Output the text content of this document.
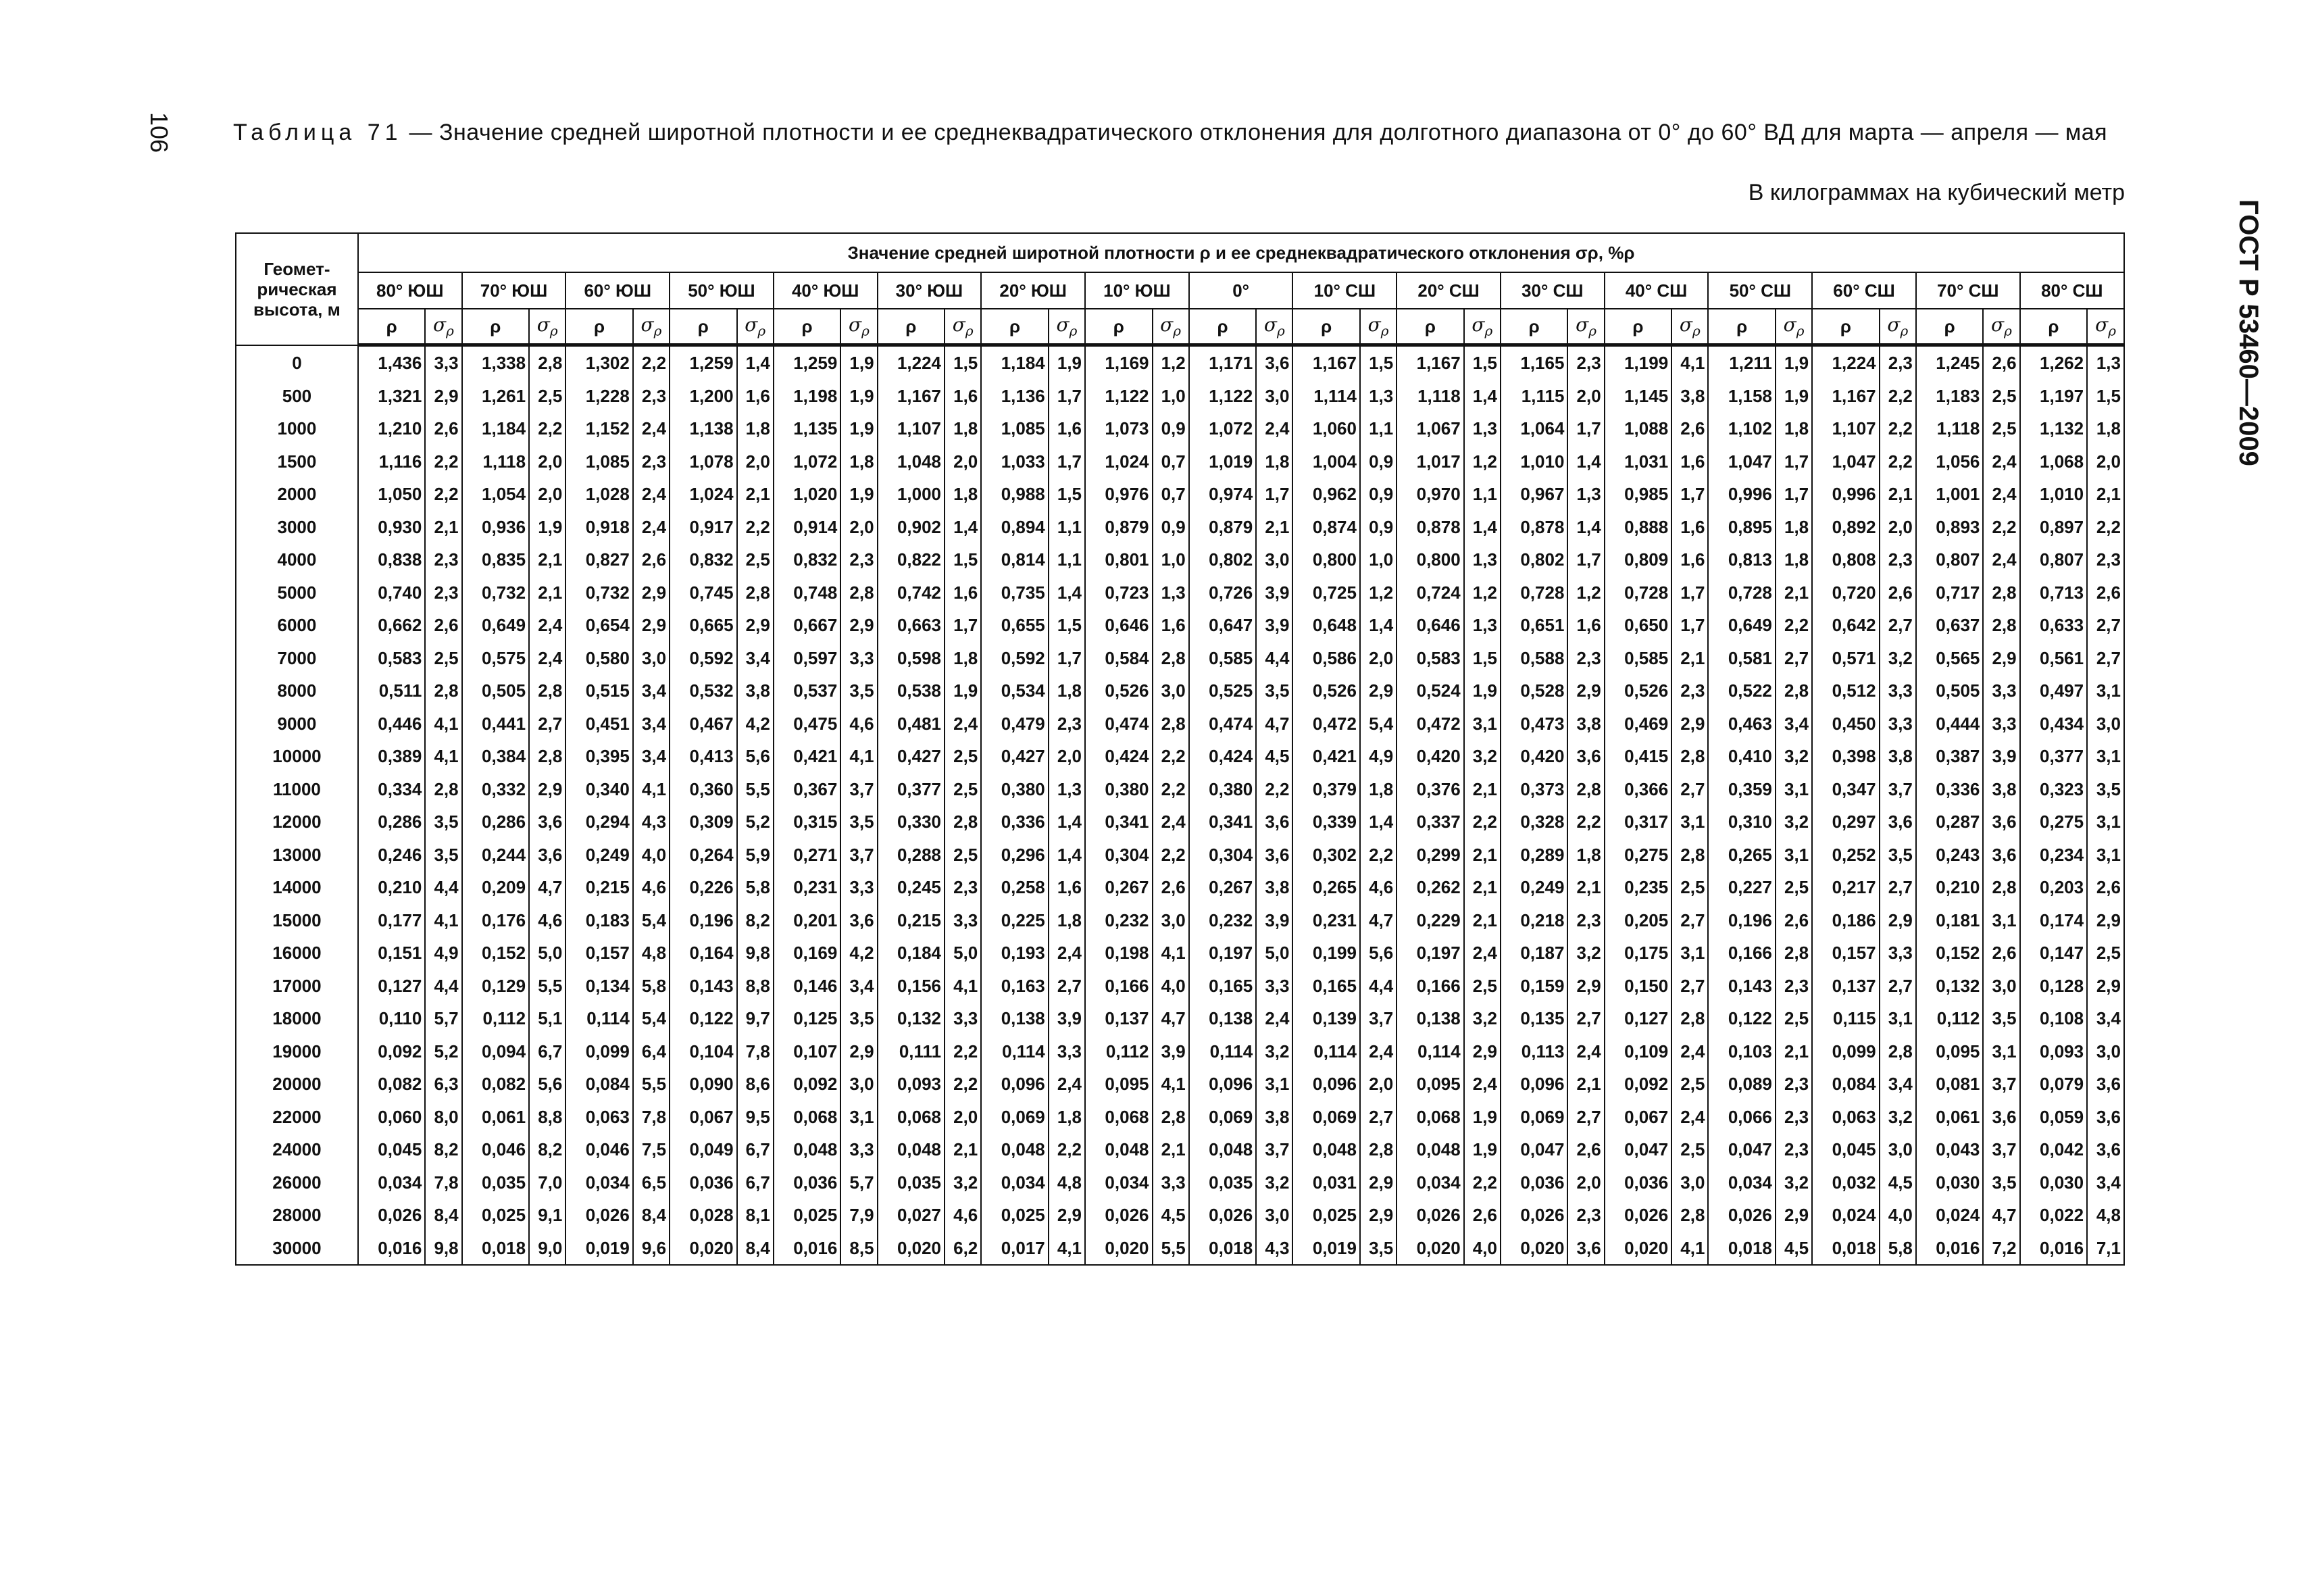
106
ГОСТ Р 53460—2009
Таблица 71 — Значение средней широтной плотности и ее среднеквадратического отклонения для долготного диапазона от 0° до 60° ВД для марта — апреля — мая
В килограммах на кубический метр
Геомет-рическая высота, м	Значение средней широтной плотности ρ и ее среднеквадратического отклонения σρ, %ρ																																	
	80° ЮШ		70° ЮШ		60° ЮШ		50° ЮШ		40° ЮШ		30° ЮШ		20° ЮШ		10° ЮШ		0°		10° СШ		20° СШ		30° СШ		40° СШ		50° СШ		60° СШ		70° СШ		80° СШ	
	ρ	$\sigma_\rho$	ρ	$\sigma_\rho$	ρ	$\sigma_\rho$	ρ	$\sigma_\rho$	ρ	$\sigma_\rho$	ρ	$\sigma_\rho$	ρ	$\sigma_\rho$	ρ	$\sigma_\rho$	ρ	$\sigma_\rho$	ρ	$\sigma_\rho$	ρ	$\sigma_\rho$	ρ	$\sigma_\rho$	ρ	$\sigma_\rho$	ρ	$\sigma_\rho$	ρ	$\sigma_\rho$	ρ	$\sigma_\rho$	ρ	$\sigma_\rho$
0	1,436	3,3	1,338	2,8	1,302	2,2	1,259	1,4	1,259	1,9	1,224	1,5	1,184	1,9	1,169	1,2	1,171	3,6	1,167	1,5	1,167	1,5	1,165	2,3	1,199	4,1	1,211	1,9	1,224	2,3	1,245	2,6	1,262	1,3
500	1,321	2,9	1,261	2,5	1,228	2,3	1,200	1,6	1,198	1,9	1,167	1,6	1,136	1,7	1,122	1,0	1,122	3,0	1,114	1,3	1,118	1,4	1,115	2,0	1,145	3,8	1,158	1,9	1,167	2,2	1,183	2,5	1,197	1,5
1000	1,210	2,6	1,184	2,2	1,152	2,4	1,138	1,8	1,135	1,9	1,107	1,8	1,085	1,6	1,073	0,9	1,072	2,4	1,060	1,1	1,067	1,3	1,064	1,7	1,088	2,6	1,102	1,8	1,107	2,2	1,118	2,5	1,132	1,8
1500	1,116	2,2	1,118	2,0	1,085	2,3	1,078	2,0	1,072	1,8	1,048	2,0	1,033	1,7	1,024	0,7	1,019	1,8	1,004	0,9	1,017	1,2	1,010	1,4	1,031	1,6	1,047	1,7	1,047	2,2	1,056	2,4	1,068	2,0
2000	1,050	2,2	1,054	2,0	1,028	2,4	1,024	2,1	1,020	1,9	1,000	1,8	0,988	1,5	0,976	0,7	0,974	1,7	0,962	0,9	0,970	1,1	0,967	1,3	0,985	1,7	0,996	1,7	0,996	2,1	1,001	2,4	1,010	2,1
3000	0,930	2,1	0,936	1,9	0,918	2,4	0,917	2,2	0,914	2,0	0,902	1,4	0,894	1,1	0,879	0,9	0,879	2,1	0,874	0,9	0,878	1,4	0,878	1,4	0,888	1,6	0,895	1,8	0,892	2,0	0,893	2,2	0,897	2,2
4000	0,838	2,3	0,835	2,1	0,827	2,6	0,832	2,5	0,832	2,3	0,822	1,5	0,814	1,1	0,801	1,0	0,802	3,0	0,800	1,0	0,800	1,3	0,802	1,7	0,809	1,6	0,813	1,8	0,808	2,3	0,807	2,4	0,807	2,3
5000	0,740	2,3	0,732	2,1	0,732	2,9	0,745	2,8	0,748	2,8	0,742	1,6	0,735	1,4	0,723	1,3	0,726	3,9	0,725	1,2	0,724	1,2	0,728	1,2	0,728	1,7	0,728	2,1	0,720	2,6	0,717	2,8	0,713	2,6
6000	0,662	2,6	0,649	2,4	0,654	2,9	0,665	2,9	0,667	2,9	0,663	1,7	0,655	1,5	0,646	1,6	0,647	3,9	0,648	1,4	0,646	1,3	0,651	1,6	0,650	1,7	0,649	2,2	0,642	2,7	0,637	2,8	0,633	2,7
7000	0,583	2,5	0,575	2,4	0,580	3,0	0,592	3,4	0,597	3,3	0,598	1,8	0,592	1,7	0,584	2,8	0,585	4,4	0,586	2,0	0,583	1,5	0,588	2,3	0,585	2,1	0,581	2,7	0,571	3,2	0,565	2,9	0,561	2,7
8000	0,511	2,8	0,505	2,8	0,515	3,4	0,532	3,8	0,537	3,5	0,538	1,9	0,534	1,8	0,526	3,0	0,525	3,5	0,526	2,9	0,524	1,9	0,528	2,9	0,526	2,3	0,522	2,8	0,512	3,3	0,505	3,3	0,497	3,1
9000	0,446	4,1	0,441	2,7	0,451	3,4	0,467	4,2	0,475	4,6	0,481	2,4	0,479	2,3	0,474	2,8	0,474	4,7	0,472	5,4	0,472	3,1	0,473	3,8	0,469	2,9	0,463	3,4	0,450	3,3	0,444	3,3	0,434	3,0
10000	0,389	4,1	0,384	2,8	0,395	3,4	0,413	5,6	0,421	4,1	0,427	2,5	0,427	2,0	0,424	2,2	0,424	4,5	0,421	4,9	0,420	3,2	0,420	3,6	0,415	2,8	0,410	3,2	0,398	3,8	0,387	3,9	0,377	3,1
11000	0,334	2,8	0,332	2,9	0,340	4,1	0,360	5,5	0,367	3,7	0,377	2,5	0,380	1,3	0,380	2,2	0,380	2,2	0,379	1,8	0,376	2,1	0,373	2,8	0,366	2,7	0,359	3,1	0,347	3,7	0,336	3,8	0,323	3,5
12000	0,286	3,5	0,286	3,6	0,294	4,3	0,309	5,2	0,315	3,5	0,330	2,8	0,336	1,4	0,341	2,4	0,341	3,6	0,339	1,4	0,337	2,2	0,328	2,2	0,317	3,1	0,310	3,2	0,297	3,6	0,287	3,6	0,275	3,1
13000	0,246	3,5	0,244	3,6	0,249	4,0	0,264	5,9	0,271	3,7	0,288	2,5	0,296	1,4	0,304	2,2	0,304	3,6	0,302	2,2	0,299	2,1	0,289	1,8	0,275	2,8	0,265	3,1	0,252	3,5	0,243	3,6	0,234	3,1
14000	0,210	4,4	0,209	4,7	0,215	4,6	0,226	5,8	0,231	3,3	0,245	2,3	0,258	1,6	0,267	2,6	0,267	3,8	0,265	4,6	0,262	2,1	0,249	2,1	0,235	2,5	0,227	2,5	0,217	2,7	0,210	2,8	0,203	2,6
15000	0,177	4,1	0,176	4,6	0,183	5,4	0,196	8,2	0,201	3,6	0,215	3,3	0,225	1,8	0,232	3,0	0,232	3,9	0,231	4,7	0,229	2,1	0,218	2,3	0,205	2,7	0,196	2,6	0,186	2,9	0,181	3,1	0,174	2,9
16000	0,151	4,9	0,152	5,0	0,157	4,8	0,164	9,8	0,169	4,2	0,184	5,0	0,193	2,4	0,198	4,1	0,197	5,0	0,199	5,6	0,197	2,4	0,187	3,2	0,175	3,1	0,166	2,8	0,157	3,3	0,152	2,6	0,147	2,5
17000	0,127	4,4	0,129	5,5	0,134	5,8	0,143	8,8	0,146	3,4	0,156	4,1	0,163	2,7	0,166	4,0	0,165	3,3	0,165	4,4	0,166	2,5	0,159	2,9	0,150	2,7	0,143	2,3	0,137	2,7	0,132	3,0	0,128	2,9
18000	0,110	5,7	0,112	5,1	0,114	5,4	0,122	9,7	0,125	3,5	0,132	3,3	0,138	3,9	0,137	4,7	0,138	2,4	0,139	3,7	0,138	3,2	0,135	2,7	0,127	2,8	0,122	2,5	0,115	3,1	0,112	3,5	0,108	3,4
19000	0,092	5,2	0,094	6,7	0,099	6,4	0,104	7,8	0,107	2,9	0,111	2,2	0,114	3,3	0,112	3,9	0,114	3,2	0,114	2,4	0,114	2,9	0,113	2,4	0,109	2,4	0,103	2,1	0,099	2,8	0,095	3,1	0,093	3,0
20000	0,082	6,3	0,082	5,6	0,084	5,5	0,090	8,6	0,092	3,0	0,093	2,2	0,096	2,4	0,095	4,1	0,096	3,1	0,096	2,0	0,095	2,4	0,096	2,1	0,092	2,5	0,089	2,3	0,084	3,4	0,081	3,7	0,079	3,6
22000	0,060	8,0	0,061	8,8	0,063	7,8	0,067	9,5	0,068	3,1	0,068	2,0	0,069	1,8	0,068	2,8	0,069	3,8	0,069	2,7	0,068	1,9	0,069	2,7	0,067	2,4	0,066	2,3	0,063	3,2	0,061	3,6	0,059	3,6
24000	0,045	8,2	0,046	8,2	0,046	7,5	0,049	6,7	0,048	3,3	0,048	2,1	0,048	2,2	0,048	2,1	0,048	3,7	0,048	2,8	0,048	1,9	0,047	2,6	0,047	2,5	0,047	2,3	0,045	3,0	0,043	3,7	0,042	3,6
26000	0,034	7,8	0,035	7,0	0,034	6,5	0,036	6,7	0,036	5,7	0,035	3,2	0,034	4,8	0,034	3,3	0,035	3,2	0,031	2,9	0,034	2,2	0,036	2,0	0,036	3,0	0,034	3,2	0,032	4,5	0,030	3,5	0,030	3,4
28000	0,026	8,4	0,025	9,1	0,026	8,4	0,028	8,1	0,025	7,9	0,027	4,6	0,025	2,9	0,026	4,5	0,026	3,0	0,025	2,9	0,026	2,6	0,026	2,3	0,026	2,8	0,026	2,9	0,024	4,0	0,024	4,7	0,022	4,8
30000	0,016	9,8	0,018	9,0	0,019	9,6	0,020	8,4	0,016	8,5	0,020	6,2	0,017	4,1	0,020	5,5	0,018	4,3	0,019	3,5	0,020	4,0	0,020	3,6	0,020	4,1	0,018	4,5	0,018	5,8	0,016	7,2	0,016	7,1
